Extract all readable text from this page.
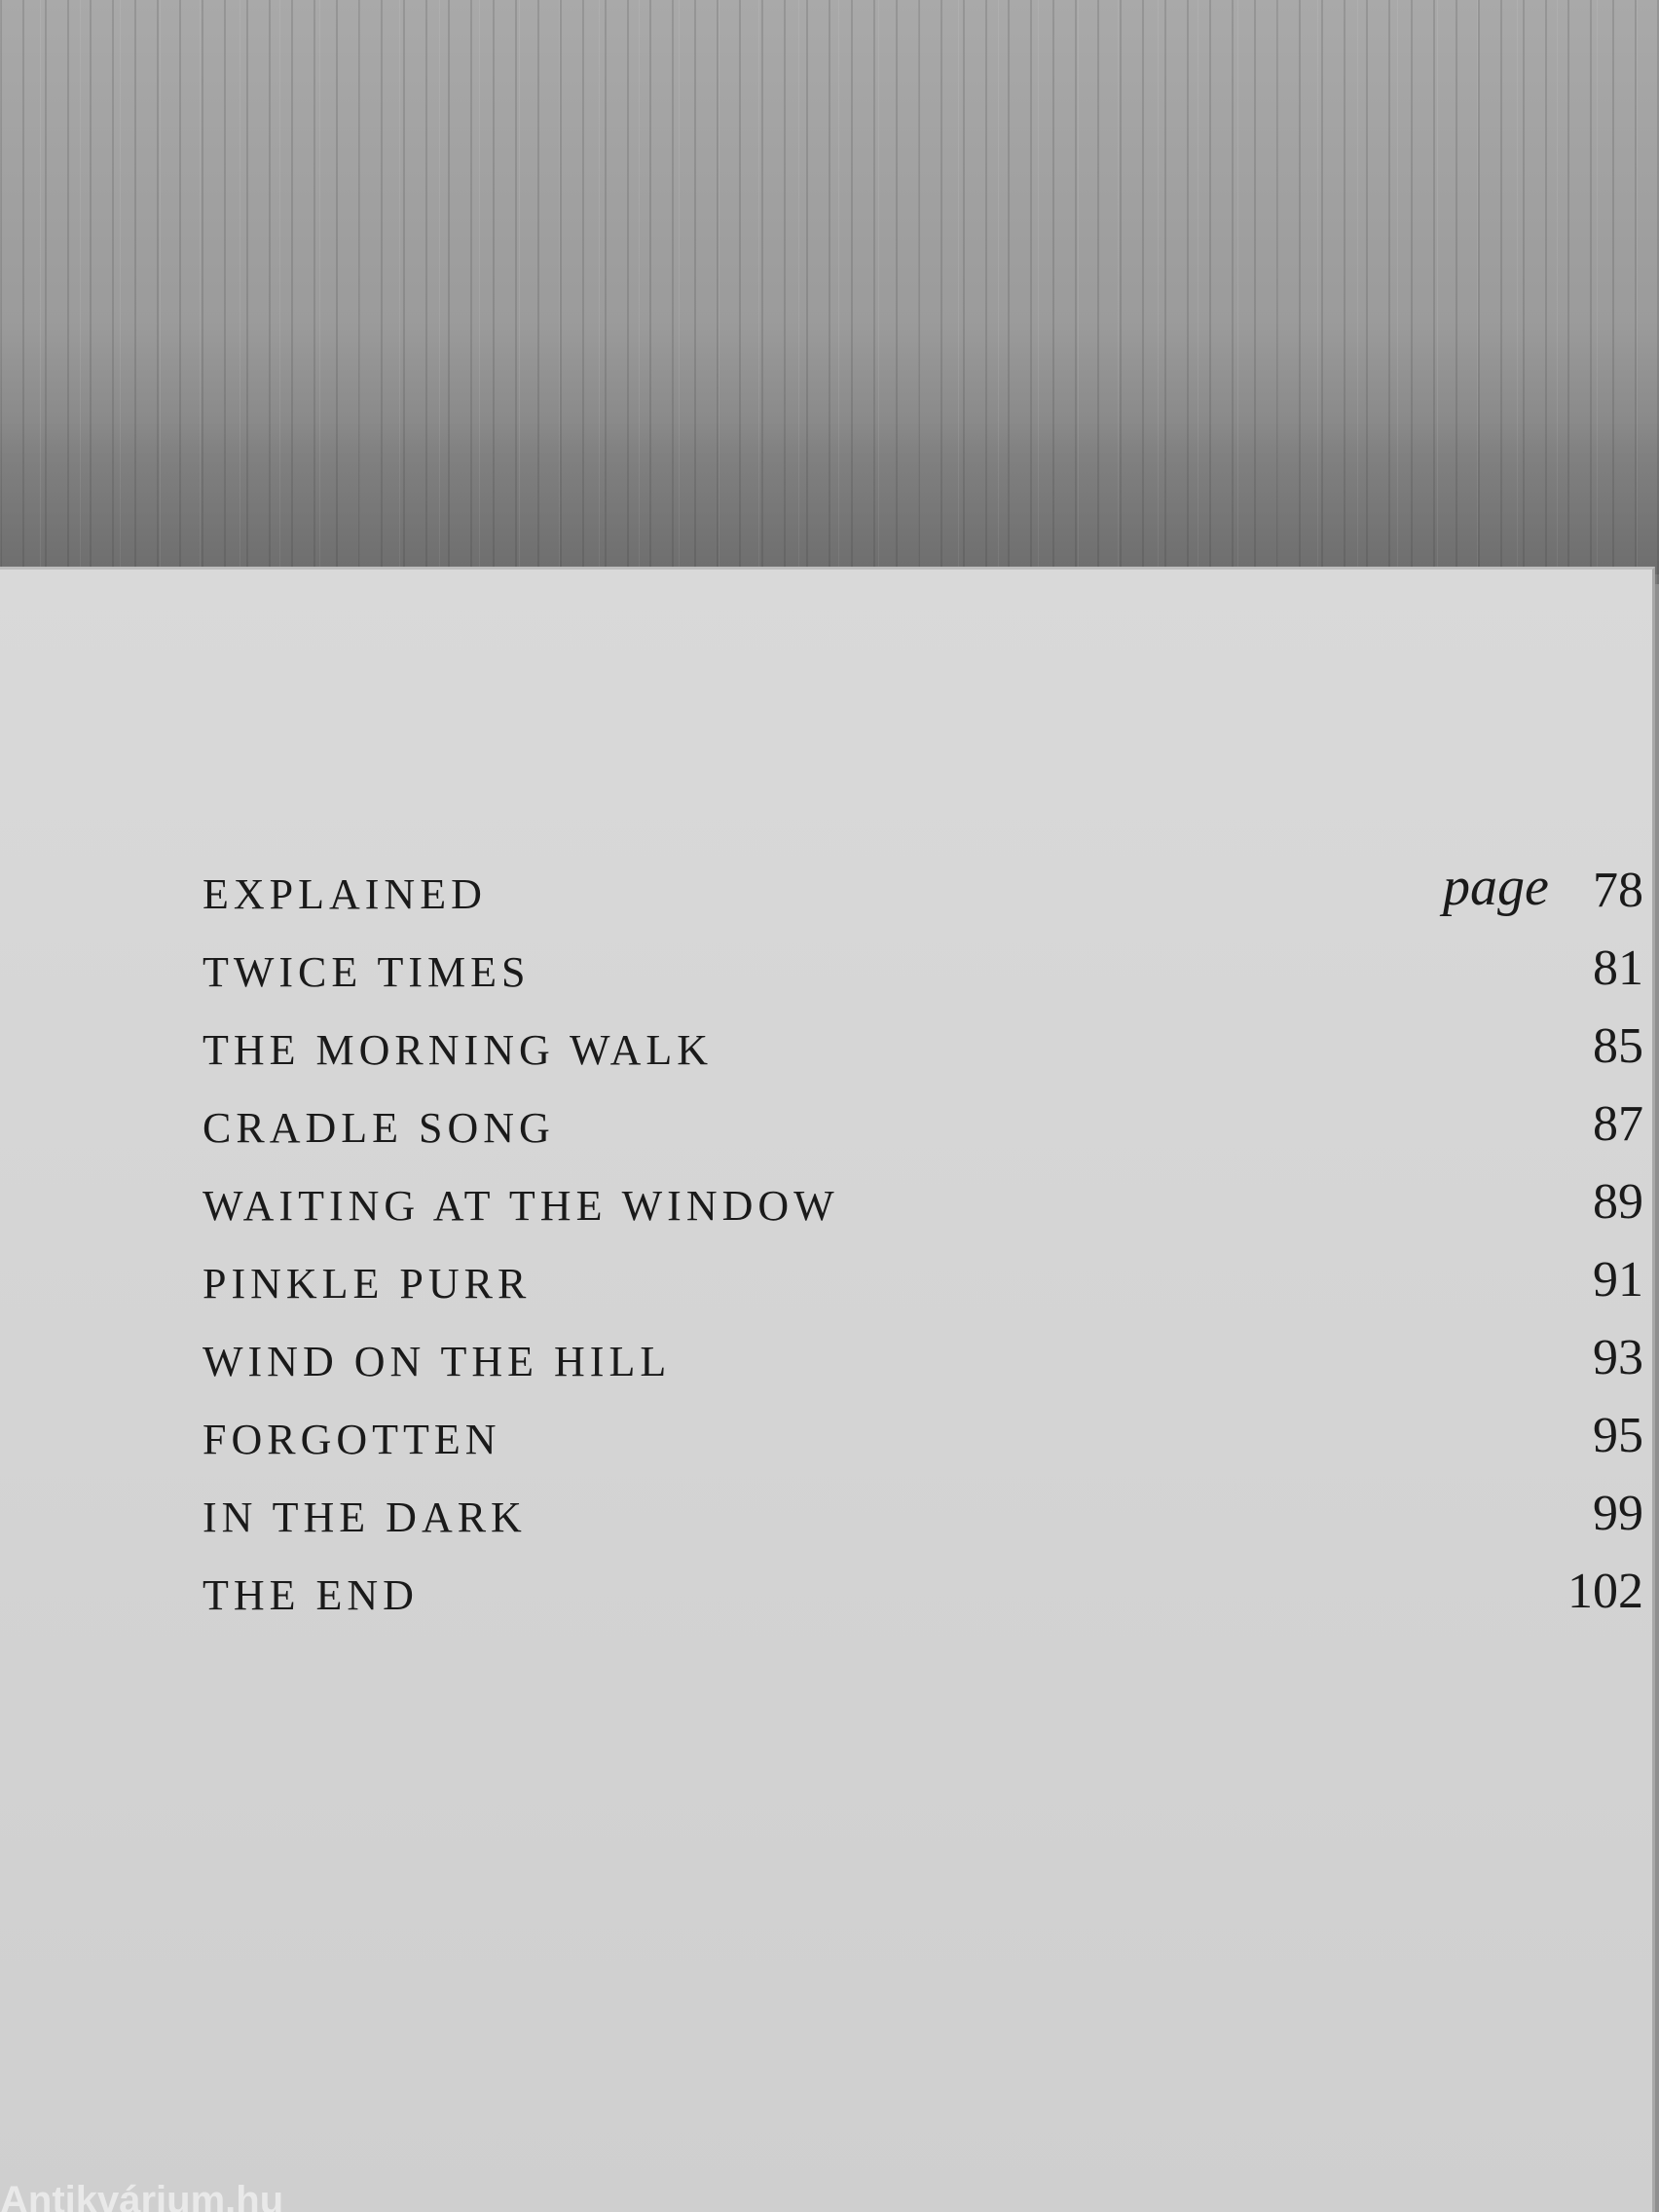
EXPLAINED	page 78
TWICE TIMES	81
THE MORNING WALK	85
CRADLE SONG	87
WAITING AT THE WINDOW	89
PINKLE PURR	91
WIND ON THE HILL	93
FORGOTTEN	95
IN THE DARK	99
THE END	102
Antikvárium.hu
